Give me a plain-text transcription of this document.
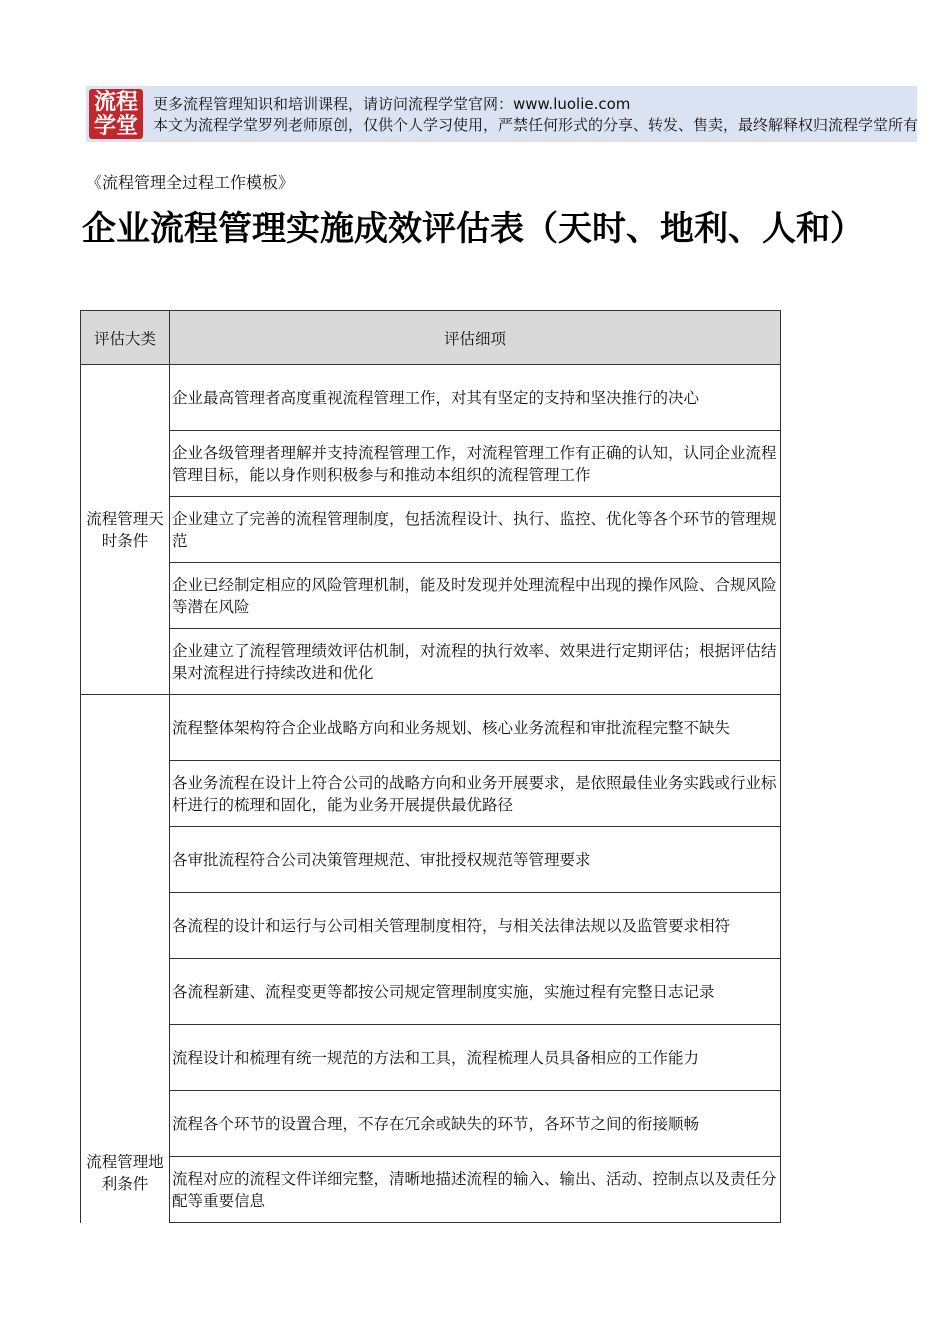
流程
学堂
更多流程管理知识和培训课程，请访问流程学堂官网：www.luolie.com
本文为流程学堂罗列老师原创，仅供个人学习使用，严禁任何形式的分享、转发、售卖，最终解释权归流程学堂所有
《流程管理全过程工作模板》
企业流程管理实施成效评估表（天时、地利、人和）
评估大类	评估细项
流程管理天时条件	企业最高管理者高度重视流程管理工作，对其有坚定的支持和坚决推行的决心
	企业各级管理者理解并支持流程管理工作，对流程管理工作有正确的认知，认同企业流程管理目标，能以身作则积极参与和推动本组织的流程管理工作
	企业建立了完善的流程管理制度，包括流程设计、执行、监控、优化等各个环节的管理规范
	企业已经制定相应的风险管理机制，能及时发现并处理流程中出现的操作风险、合规风险等潜在风险
	企业建立了流程管理绩效评估机制，对流程的执行效率、效果进行定期评估；根据评估结果对流程进行持续改进和优化
流程管理地利条件	流程整体架构符合企业战略方向和业务规划、核心业务流程和审批流程完整不缺失
	各业务流程在设计上符合公司的战略方向和业务开展要求，是依照最佳业务实践或行业标杆进行的梳理和固化，能为业务开展提供最优路径
	各审批流程符合公司决策管理规范、审批授权规范等管理要求
	各流程的设计和运行与公司相关管理制度相符，与相关法律法规以及监管要求相符
	各流程新建、流程变更等都按公司规定管理制度实施，实施过程有完整日志记录
	流程设计和梳理有统一规范的方法和工具，流程梳理人员具备相应的工作能力
	流程各个环节的设置合理，不存在冗余或缺失的环节，各环节之间的衔接顺畅
	流程对应的流程文件详细完整，清晰地描述流程的输入、输出、活动、控制点以及责任分配等重要信息
